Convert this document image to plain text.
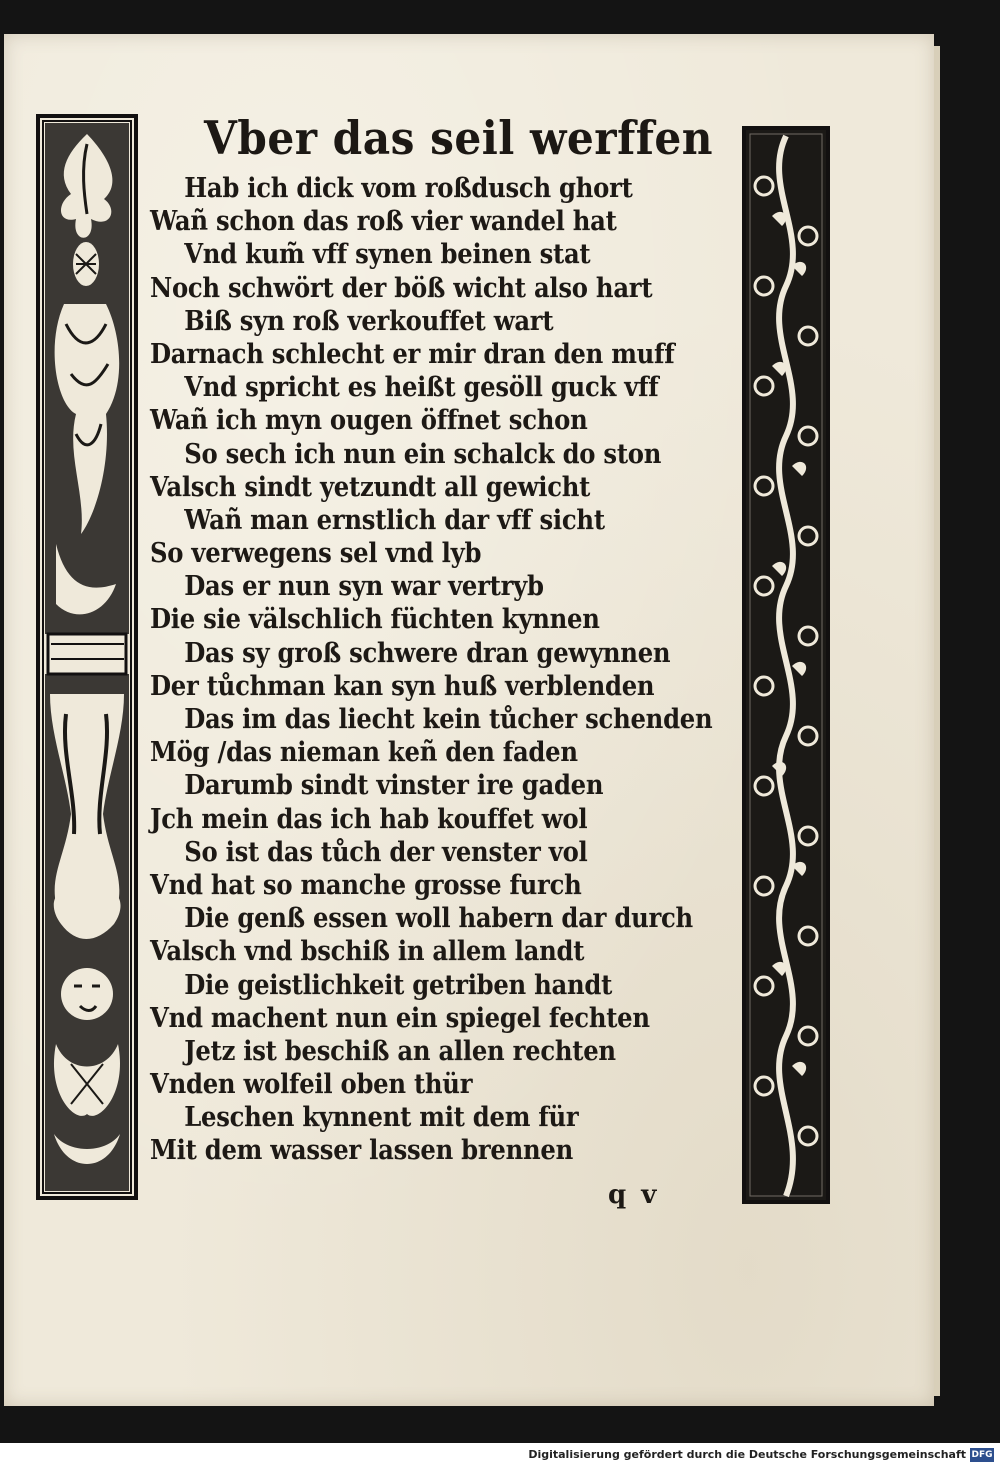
Vber das seil werffen
Hab ich dick vom roßdusch ghort
Wañ schon das roß vier wandel hat
Vnd kum̃ vff synen beinen stat
Noch schwört der böß wicht also hart
Biß syn roß verkouffet wart
Darnach schlecht er mir dran den muff
Vnd spricht es heißt gesöll guck vff
Wañ ich myn ougen öffnet schon
So sech ich nun ein schalck do ston
Valsch sindt yetzundt all gewicht
Wañ man ernstlich dar vff sicht
So verwegens sel vnd lyb
Das er nun syn war vertryb
Die sie välschlich füchten kynnen
Das sy groß schwere dran gewynnen
Der tůchman kan syn huß verblenden
Das im das liecht kein tůcher schenden
Mög /das nieman keñ den faden
Darumb sindt vinster ire gaden
Jch mein das ich hab kouffet wol
So ist das tůch der venster vol
Vnd hat so manche grosse furch
Die genß essen woll habern dar durch
Valsch vnd bschiß in allem landt
Die geistlichkeit getriben handt
Vnd machent nun ein spiegel fechten
Jetz ist beschiß an allen rechten
Vnden wolfeil oben thür
Leschen kynnent mit dem für
Mit dem wasser lassen brennen
q v
Digitalisierung gefördert durch die Deutsche Forschungsgemeinschaft DFG
